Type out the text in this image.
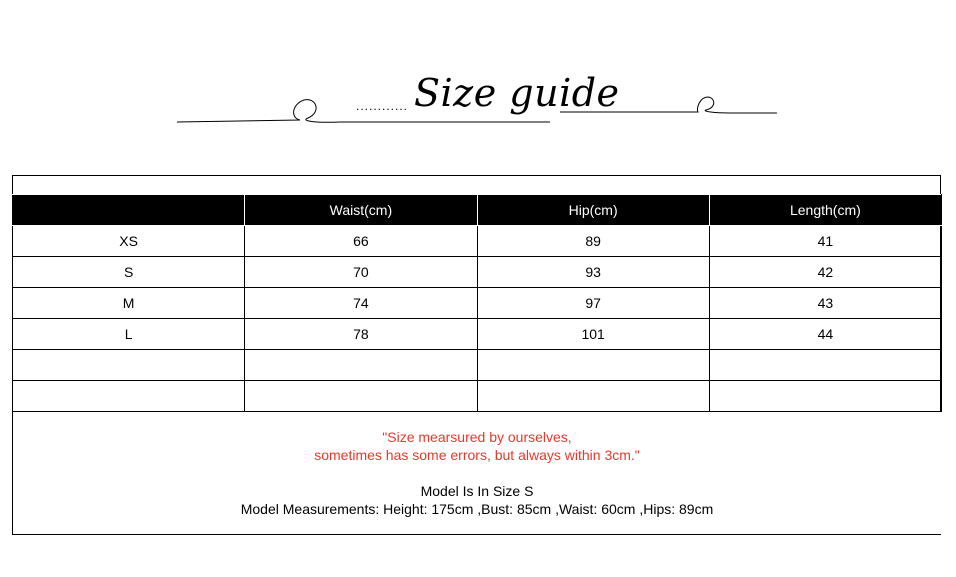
............ Size guide
	Waist(cm)	Hip(cm)	Length(cm)
XS	66	89	41
S	70	93	42
M	74	97	43
L	78	101	44

"Size mearsured by ourselves,
sometimes has some errors, but always within 3cm."
Model Is In Size S
Model Measurements: Height: 175cm ,Bust: 85cm ,Waist: 60cm ,Hips: 89cm
